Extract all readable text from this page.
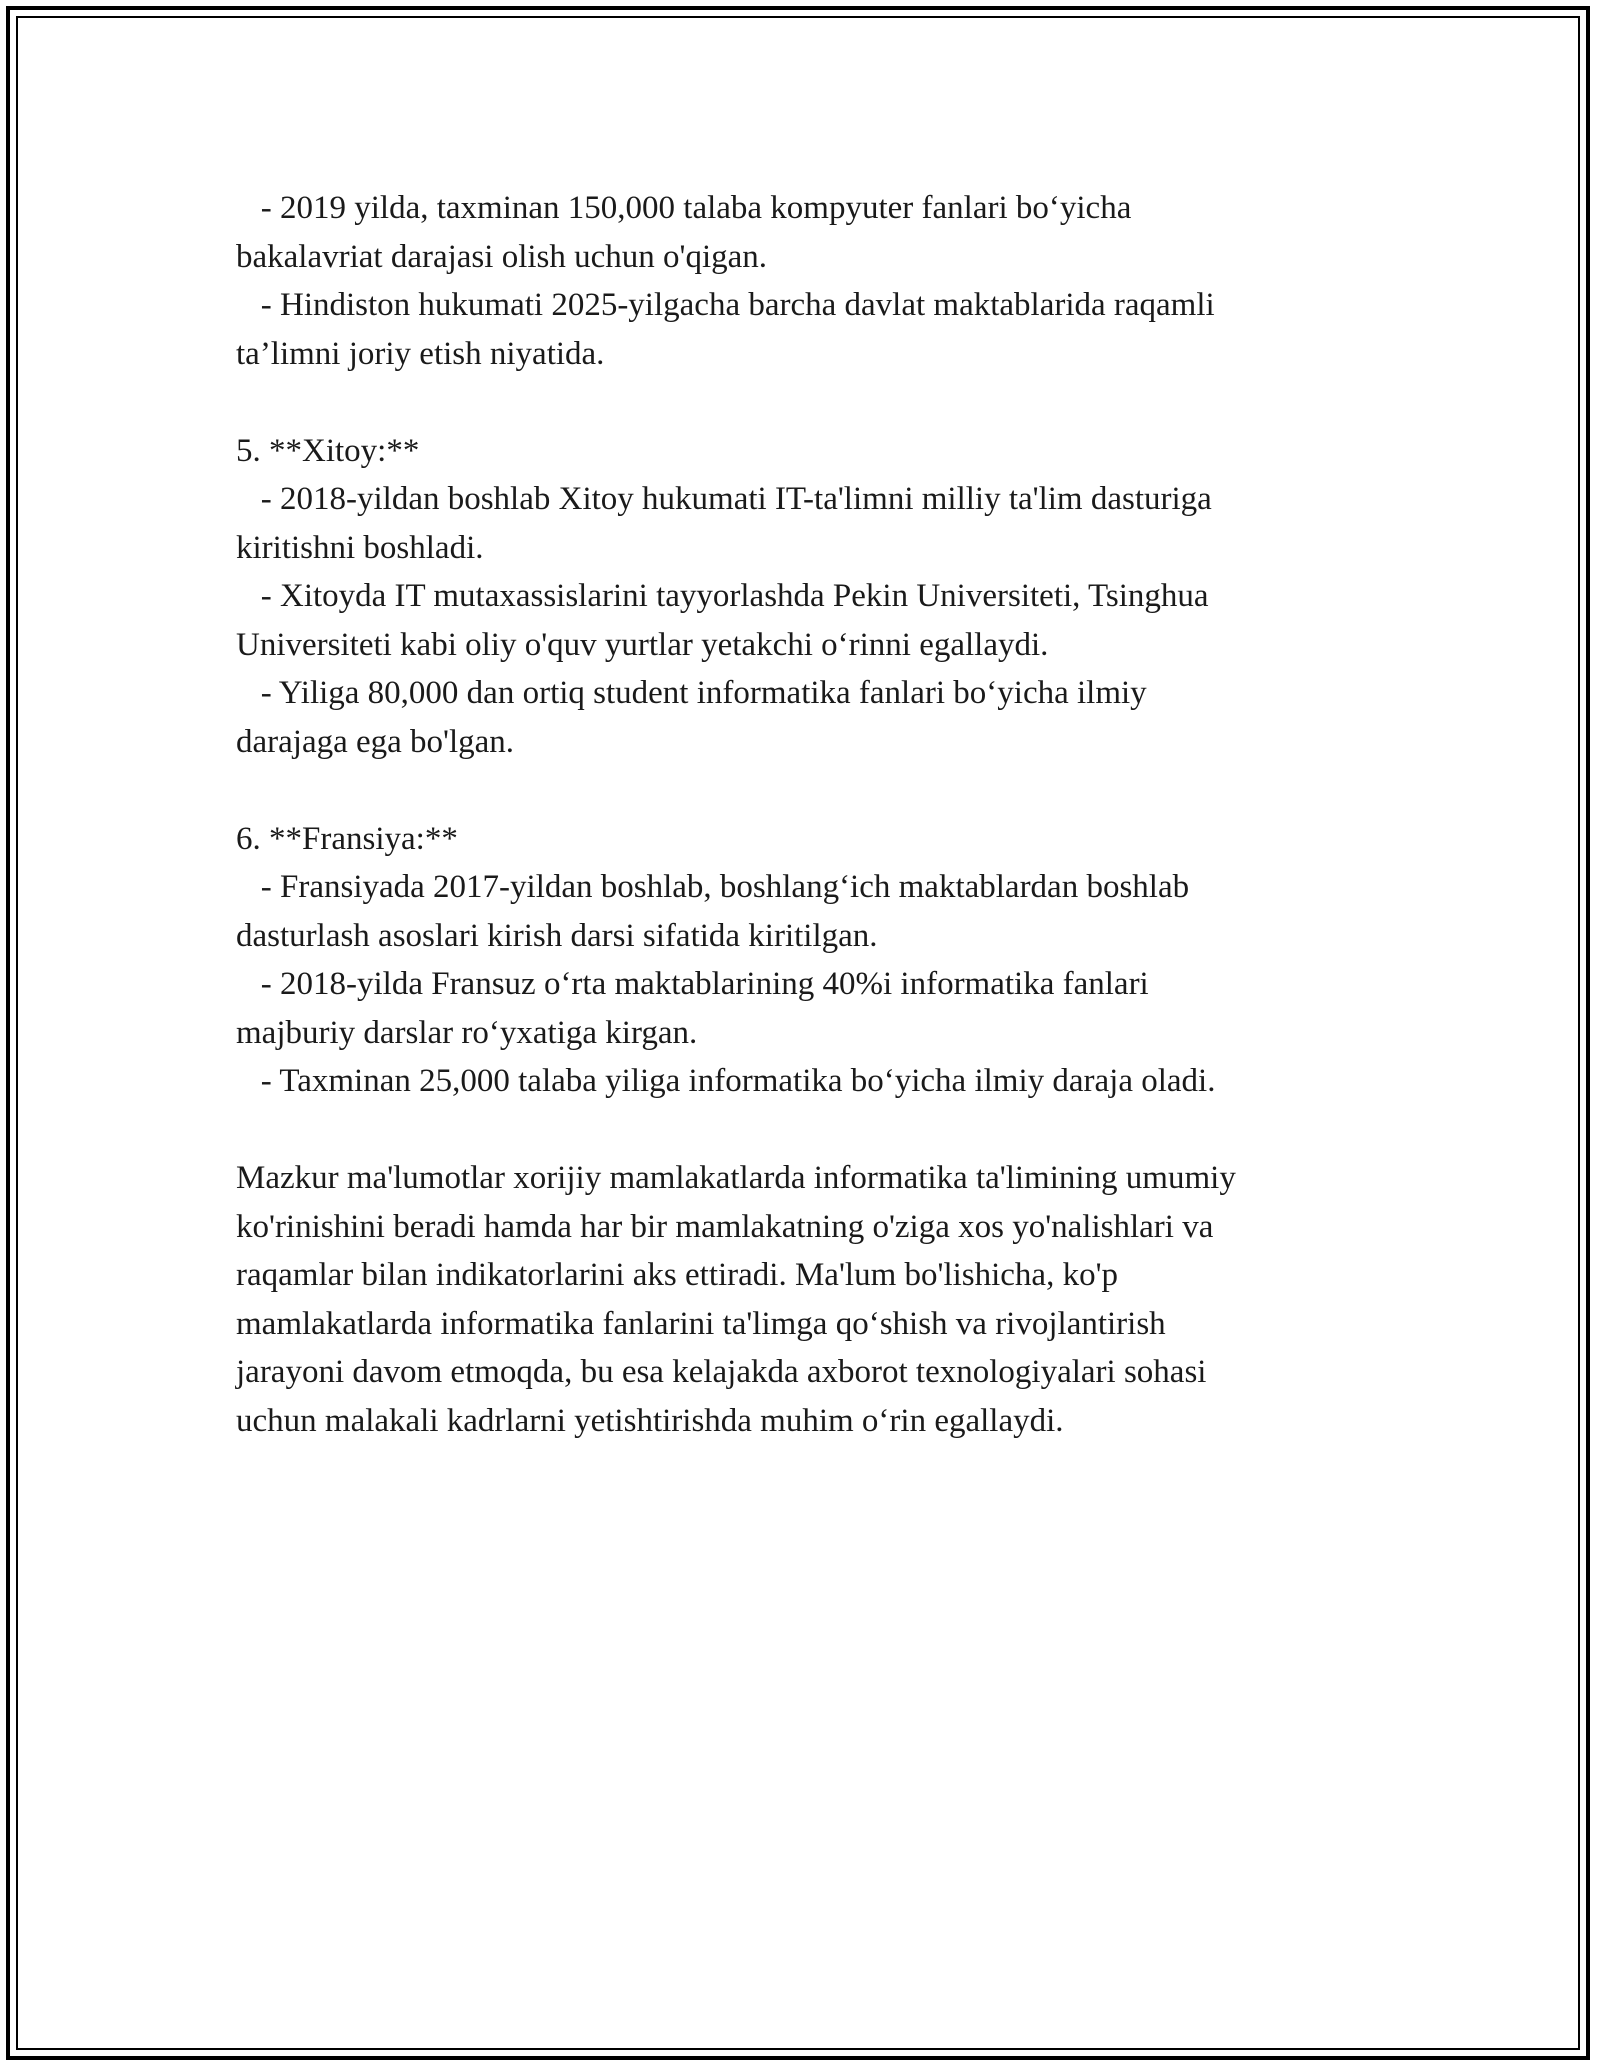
- 2019 yilda, taxminan 150,000 talaba kompyuter fanlari bo‘yicha
bakalavriat darajasi olish uchun o'qigan.
- Hindiston hukumati 2025-yilgacha barcha davlat maktablarida raqamli
ta’limni joriy etish niyatida.
5. **Xitoy:**
- 2018-yildan boshlab Xitoy hukumati IT-ta'limni milliy ta'lim dasturiga
kiritishni boshladi.
- Xitoyda IT mutaxassislarini tayyorlashda Pekin Universiteti, Tsinghua
Universiteti kabi oliy o'quv yurtlar yetakchi o‘rinni egallaydi.
- Yiliga 80,000 dan ortiq student informatika fanlari bo‘yicha ilmiy
darajaga ega bo'lgan.
6. **Fransiya:**
- Fransiyada 2017-yildan boshlab, boshlang‘ich maktablardan boshlab
dasturlash asoslari kirish darsi sifatida kiritilgan.
- 2018-yilda Fransuz o‘rta maktablarining 40%i informatika fanlari
majburiy darslar ro‘yxatiga kirgan.
- Taxminan 25,000 talaba yiliga informatika bo‘yicha ilmiy daraja oladi.
Mazkur ma'lumotlar xorijiy mamlakatlarda informatika ta'limining umumiy
ko'rinishini beradi hamda har bir mamlakatning o'ziga xos yo'nalishlari va
raqamlar bilan indikatorlarini aks ettiradi. Ma'lum bo'lishicha, ko'p
mamlakatlarda informatika fanlarini ta'limga qo‘shish va rivojlantirish
jarayoni davom etmoqda, bu esa kelajakda axborot texnologiyalari sohasi
uchun malakali kadrlarni yetishtirishda muhim o‘rin egallaydi.
